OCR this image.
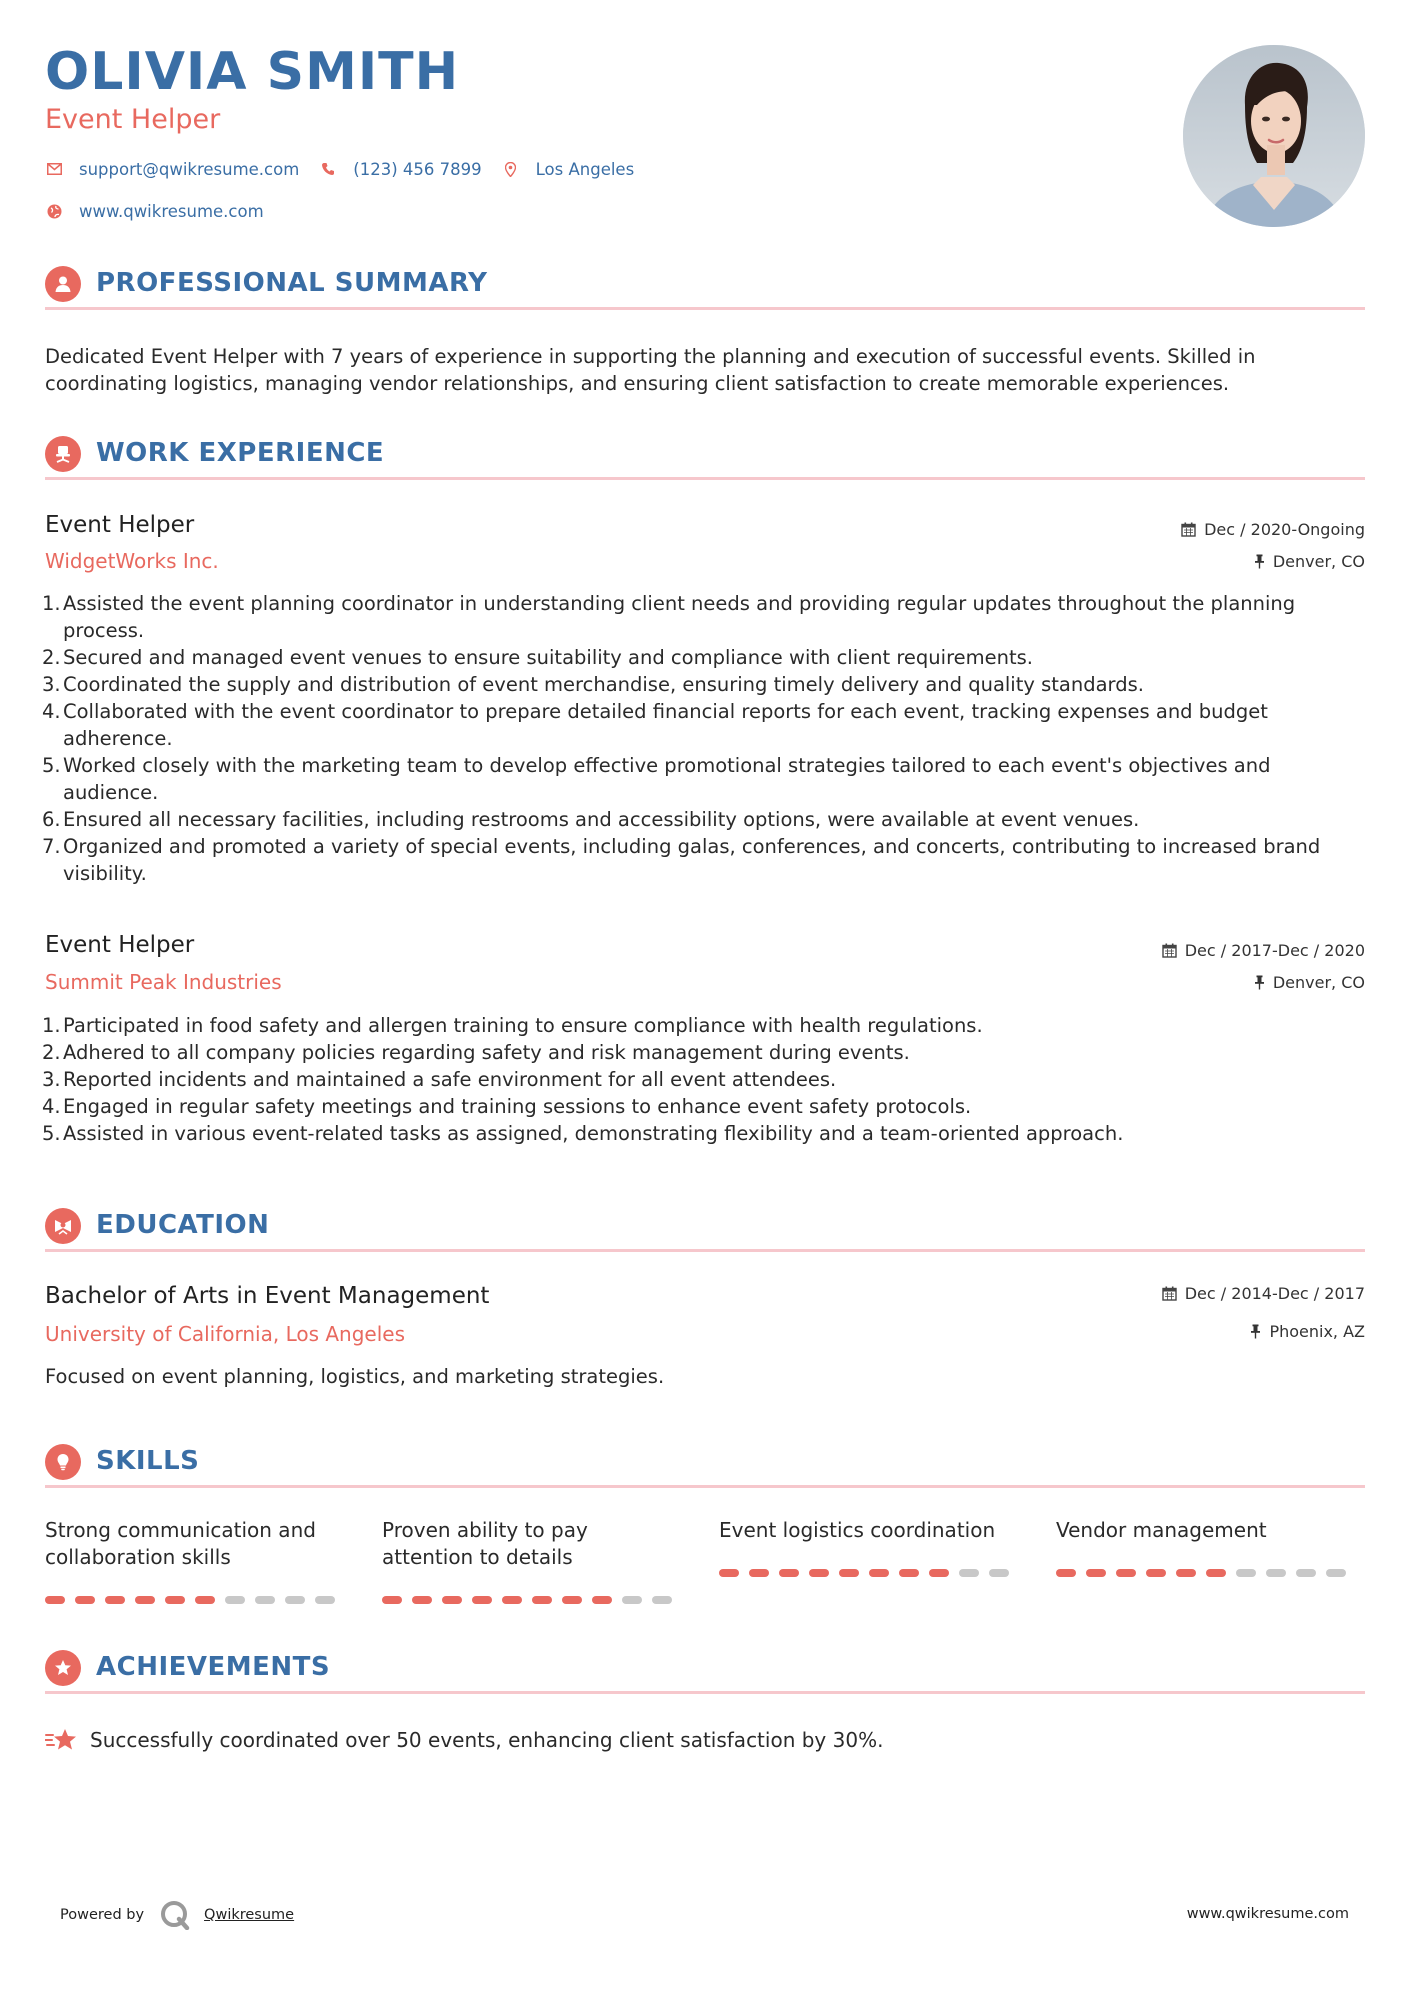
OLIVIA SMITH
Event Helper
support@qwikresume.com	(123) 456 7899	Los Angeles
www.qwikresume.com
PROFESSIONAL SUMMARY
Dedicated Event Helper with 7 years of experience in supporting the planning and execution of successful events. Skilled in coordinating logistics, managing vendor relationships, and ensuring client satisfaction to create memorable experiences.
WORK EXPERIENCE
Event Helper
WidgetWorks Inc.
Dec / 2020-Ongoing
Denver, CO
1. Assisted the event planning coordinator in understanding client needs and providing regular updates throughout the planning process.
2. Secured and managed event venues to ensure suitability and compliance with client requirements.
3. Coordinated the supply and distribution of event merchandise, ensuring timely delivery and quality standards.
4. Collaborated with the event coordinator to prepare detailed financial reports for each event, tracking expenses and budget adherence.
5. Worked closely with the marketing team to develop effective promotional strategies tailored to each event's objectives and audience.
6. Ensured all necessary facilities, including restrooms and accessibility options, were available at event venues.
7. Organized and promoted a variety of special events, including galas, conferences, and concerts, contributing to increased brand visibility.
Event Helper
Summit Peak Industries
Dec / 2017-Dec / 2020
Denver, CO
1. Participated in food safety and allergen training to ensure compliance with health regulations.
2. Adhered to all company policies regarding safety and risk management during events.
3. Reported incidents and maintained a safe environment for all event attendees.
4. Engaged in regular safety meetings and training sessions to enhance event safety protocols.
5. Assisted in various event-related tasks as assigned, demonstrating flexibility and a team-oriented approach.
EDUCATION
Bachelor of Arts in Event Management
University of California, Los Angeles
Dec / 2014-Dec / 2017
Phoenix, AZ
Focused on event planning, logistics, and marketing strategies.
SKILLS
Strong communication and collaboration skills
Proven ability to pay attention to details
Event logistics coordination	Vendor management
ACHIEVEMENTS
Successfully coordinated over 50 events, enhancing client satisfaction by 30%.
Powered by	Qwikresume	www.qwikresume.com
